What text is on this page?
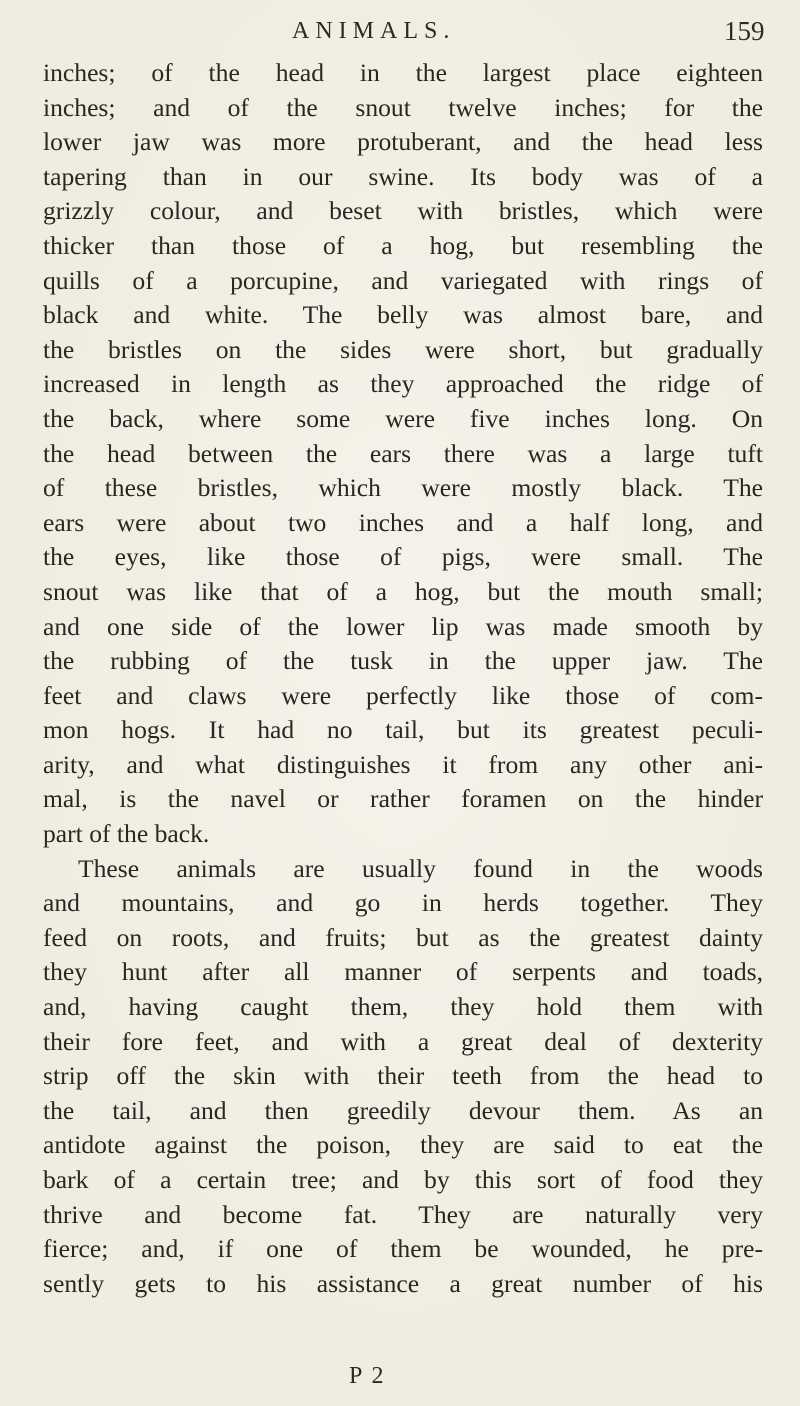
ANIMALS.	159
inches; of the head in the largest place eighteen
inches; and of the snout twelve inches; for the
lower jaw was more protuberant, and the head less
tapering than in our swine. Its body was of a
grizzly colour, and beset with bristles, which were
thicker than those of a hog, but resembling the
quills of a porcupine, and variegated with rings of
black and white. The belly was almost bare, and
the bristles on the sides were short, but gradually
increased in length as they approached the ridge of
the back, where some were five inches long. On
the head between the ears there was a large tuft
of these bristles, which were mostly black. The
ears were about two inches and a half long, and
the eyes, like those of pigs, were small. The
snout was like that of a hog, but the mouth small;
and one side of the lower lip was made smooth by
the rubbing of the tusk in the upper jaw. The
feet and claws were perfectly like those of com-
mon hogs. It had no tail, but its greatest peculi-
arity, and what distinguishes it from any other ani-
mal, is the navel or rather foramen on the hinder
part of the back.
These animals are usually found in the woods
and mountains, and go in herds together. They
feed on roots, and fruits; but as the greatest dainty
they hunt after all manner of serpents and toads,
and, having caught them, they hold them with
their fore feet, and with a great deal of dexterity
strip off the skin with their teeth from the head to
the tail, and then greedily devour them. As an
antidote against the poison, they are said to eat the
bark of a certain tree; and by this sort of food they
thrive and become fat. They are naturally very
fierce; and, if one of them be wounded, he pre-
sently gets to his assistance a great number of his
P 2
